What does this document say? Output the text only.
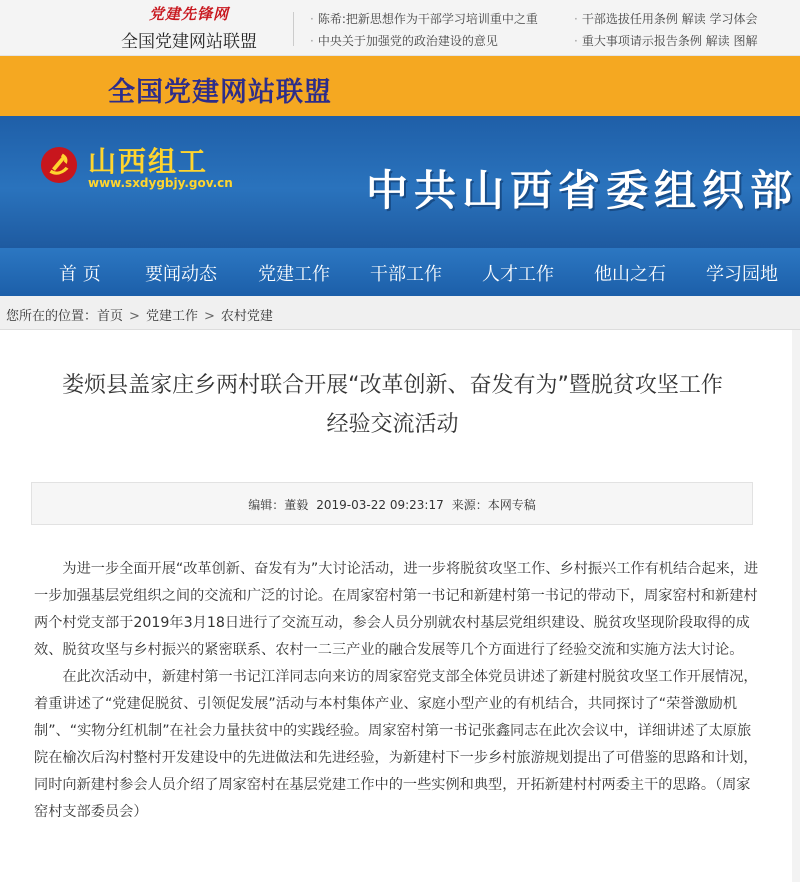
党建先锋网
全国党建网站联盟
· 陈希:把新思想作为干部学习培训重中之重
· 中央关于加强党的政治建设的意见
· 干部选拔任用条例 解读 学习体会
· 重大事项请示报告条例 解读 图解
全国党建网站联盟
山西组工
www.sxdygbjy.gov.cn	中共山西省委组织部
首 页 要闻动态 党建工作 干部工作 人才工作 他山之石 学习园地
您所在的位置：首页 > 党建工作 > 农村党建
娄烦县盖家庄乡两村联合开展“改革创新、奋发有为”暨脱贫攻坚工作
经验交流活动
编辑：董毅 2019-03-22 09:23:17 来源：本网专稿

为进一步全面开展“改革创新、奋发有为”大讨论活动，进一步将脱贫攻坚工作、乡村振兴工作有机结合起来，进一步加强基层党组织之间的交流和广泛的讨论。在周家窑村第一书记和新建村第一书记的带动下，周家窑村和新建村两个村党支部于2019年3月18日进行了交流互动，参会人员分别就农村基层党组织建设、脱贫攻坚现阶段取得的成效、脱贫攻坚与乡村振兴的紧密联系、农村一二三产业的融合发展等几个方面进行了经验交流和实施方法大讨论。

在此次活动中，新建村第一书记江洋同志向来访的周家窑党支部全体党员讲述了新建村脱贫攻坚工作开展情况，着重讲述了“党建促脱贫、引领促发展”活动与本村集体产业、家庭小型产业的有机结合，共同探讨了“荣誉激励机制”、“实物分红机制”在社会力量扶贫中的实践经验。周家窑村第一书记张鑫同志在此次会议中，详细讲述了太原旅院在榆次后沟村整村开发建设中的先进做法和先进经验，为新建村下一步乡村旅游规划提出了可借鉴的思路和计划，同时向新建村参会人员介绍了周家窑村在基层党建工作中的一些实例和典型，开拓新建村村两委主干的思路。（周家窑村支部委员会）
